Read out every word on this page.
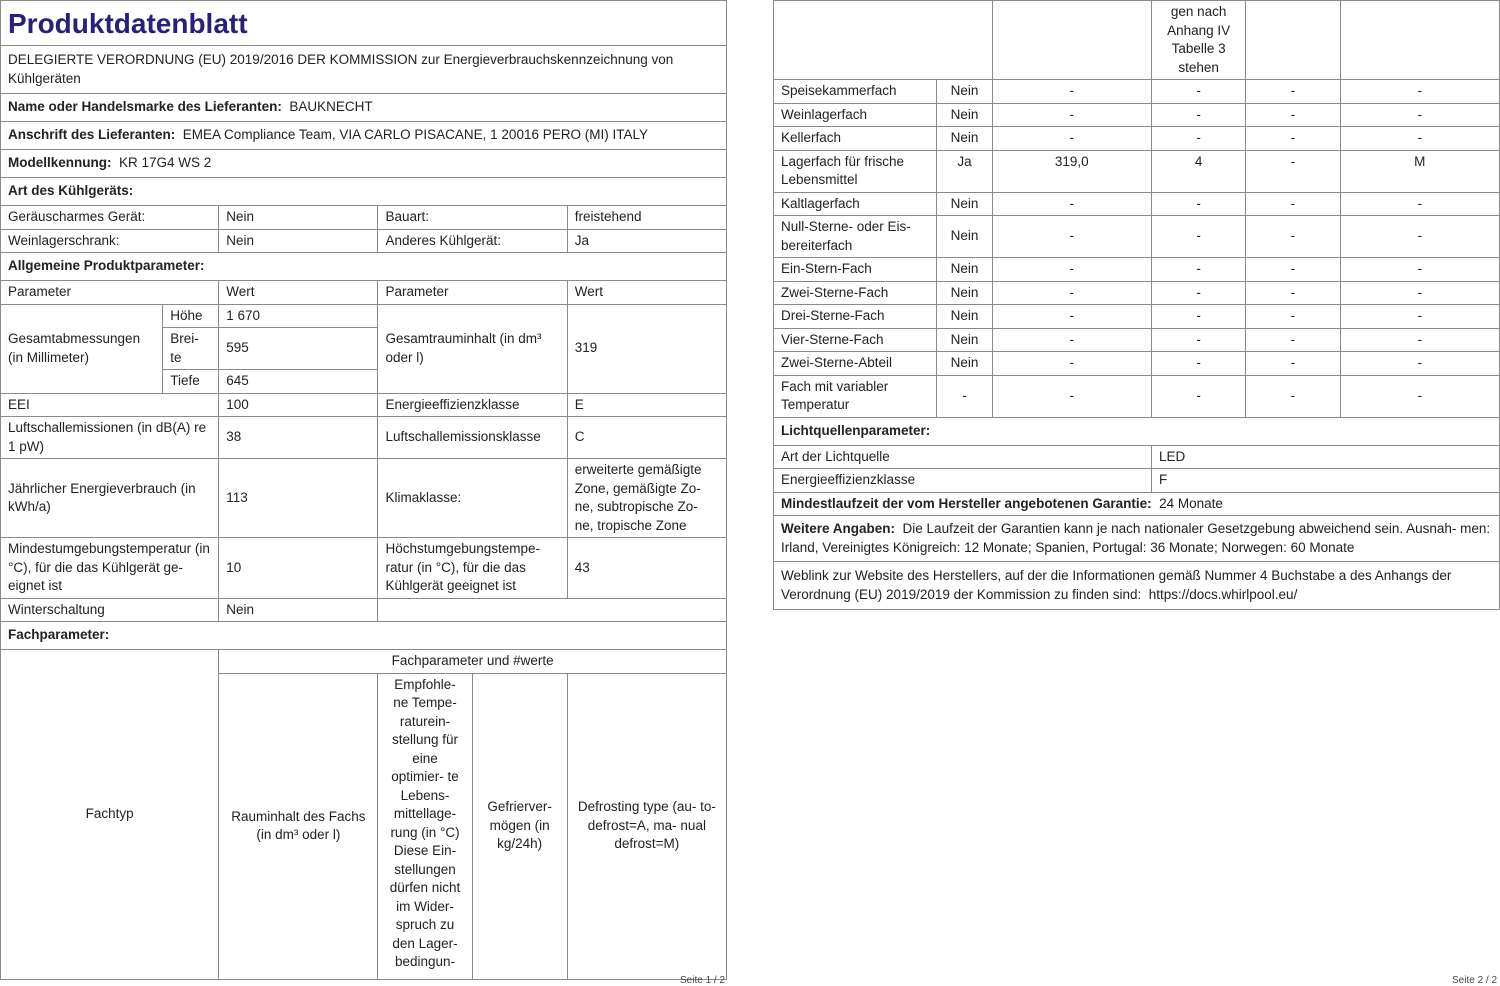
Produktdatenblatt					
DELEGIERTE VERORDNUNG (EU) 2019/2016 DER KOMMISSION zur Energieverbrauchskennzeichnung von Kühlgeräten					
Name oder Handelsmarke des Lieferanten: BAUKNECHT					
Anschrift des Lieferanten: EMEA Compliance Team, VIA CARLO PISACANE, 1 20016 PERO (MI) ITALY					
Modellkennung: KR 17G4 WS 2					
Art des Kühlgeräts:					
Geräuscharmes Gerät:		Nein	Bauart:		freistehend
Weinlagerschrank:		Nein	Anderes Kühlgerät:		Ja
Allgemeine Produktparameter:					
Parameter		Wert	Parameter		Wert
Gesamtabmessungen (in Millimeter)	Höhe	1 670	Gesamtrauminhalt (in dm³ oder l)		319
	Brei- te	595			
	Tiefe	645			
EEI		100	Energieeffizienzklasse		E
Luftschallemissionen (in dB(A) re 1 pW)		38	Luftschallemissionsklasse		C
Jährlicher Energieverbrauch (in kWh/a)		113	Klimaklasse:		erweiterte gemäßigte Zone, gemäßigte Zo- ne, subtropische Zo- ne, tropische Zone
Mindestumgebungstemperatur (in °C), für die das Kühlgerät ge- eignet ist		10	Höchstumgebungstempe- ratur (in °C), für die das Kühlgerät geeignet ist		43
Winterschaltung		Nein			
Fachparameter:					
Fachtyp		Fachparameter und #werte			
		Rauminhalt des Fachs (in dm³ oder l)	Empfohle- ne Tempe- raturein- stellung für eine optimier- te Lebens- mittellage- rung (in °C) Diese Ein- stellungen dürfen nicht im Wider- spruch zu den Lager- bedingun-	Gefrierver- mögen (in kg/24h)	Defrosting type (au- to-defrost=A, ma- nual defrost=M)
Seite 1 / 2
			gen nach Anhang IV Tabelle 3 stehen		
Speisekammerfach	Nein	-	-	-	-
Weinlagerfach	Nein	-	-	-	-
Kellerfach	Nein	-	-	-	-
Lagerfach für frische Lebensmittel	Ja	319,0	4	-	M
Kaltlagerfach	Nein	-	-	-	-
Null-Sterne- oder Eis- bereiterfach	Nein	-	-	-	-
Ein-Stern-Fach	Nein	-	-	-	-
Zwei-Sterne-Fach	Nein	-	-	-	-
Drei-Sterne-Fach	Nein	-	-	-	-
Vier-Sterne-Fach	Nein	-	-	-	-
Zwei-Sterne-Abteil	Nein	-	-	-	-
Fach mit variabler Temperatur	-	-	-	-	-
Lichtquellenparameter:					
Art der Lichtquelle			LED		
Energieeffizienzklasse			F		
Mindestlaufzeit der vom Hersteller angebotenen Garantie: 24 Monate					
Weitere Angaben: Die Laufzeit der Garantien kann je nach nationaler Gesetzgebung abweichend sein. Ausnah- men: Irland, Vereinigtes Königreich: 12 Monate; Spanien, Portugal: 36 Monate; Norwegen: 60 Monate					
Weblink zur Website des Herstellers, auf der die Informationen gemäß Nummer 4 Buchstabe a des Anhangs der Verordnung (EU) 2019/2019 der Kommission zu finden sind: https://docs.whirlpool.eu/					
Seite 2 / 2
